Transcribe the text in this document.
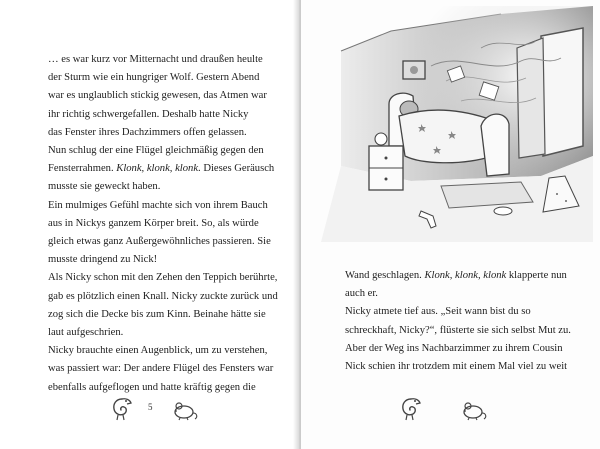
… es war kurz vor Mitternacht und draußen heulte
der Sturm wie ein hungriger Wolf. Gestern Abend
war es unglaublich stickig gewesen, das Atmen war
ihr richtig schwergefallen. Deshalb hatte Nicky
das Fenster ihres Dachzimmers offen gelassen.
Nun schlug der eine Flügel gleichmäßig gegen den
Fensterrahmen. Klonk, klonk, klonk. Dieses Geräusch
musste sie geweckt haben.
Ein mulmiges Gefühl machte sich von ihrem Bauch
aus in Nickys ganzem Körper breit. So, als würde
gleich etwas ganz Außergewöhnliches passieren. Sie
musste dringend zu Nick!
Als Nicky schon mit den Zehen den Teppich berührte,
gab es plötzlich einen Knall. Nicky zuckte zurück und
zog sich die Decke bis zum Kinn. Beinahe hätte sie
laut aufgeschrien.
Nicky brauchte einen Augenblick, um zu verstehen,
was passiert war: Der andere Flügel des Fensters war
ebenfalls aufgeflogen und hatte kräftig gegen die
5
Wand geschlagen. Klonk, klonk, klonk klapperte nun
auch er.
Nicky atmete tief aus. „Seit wann bist du so
schreckhaft, Nicky?“, flüsterte sie sich selbst Mut zu.
Aber der Weg ins Nachbarzimmer zu ihrem Cousin
Nick schien ihr trotzdem mit einem Mal viel zu weit
